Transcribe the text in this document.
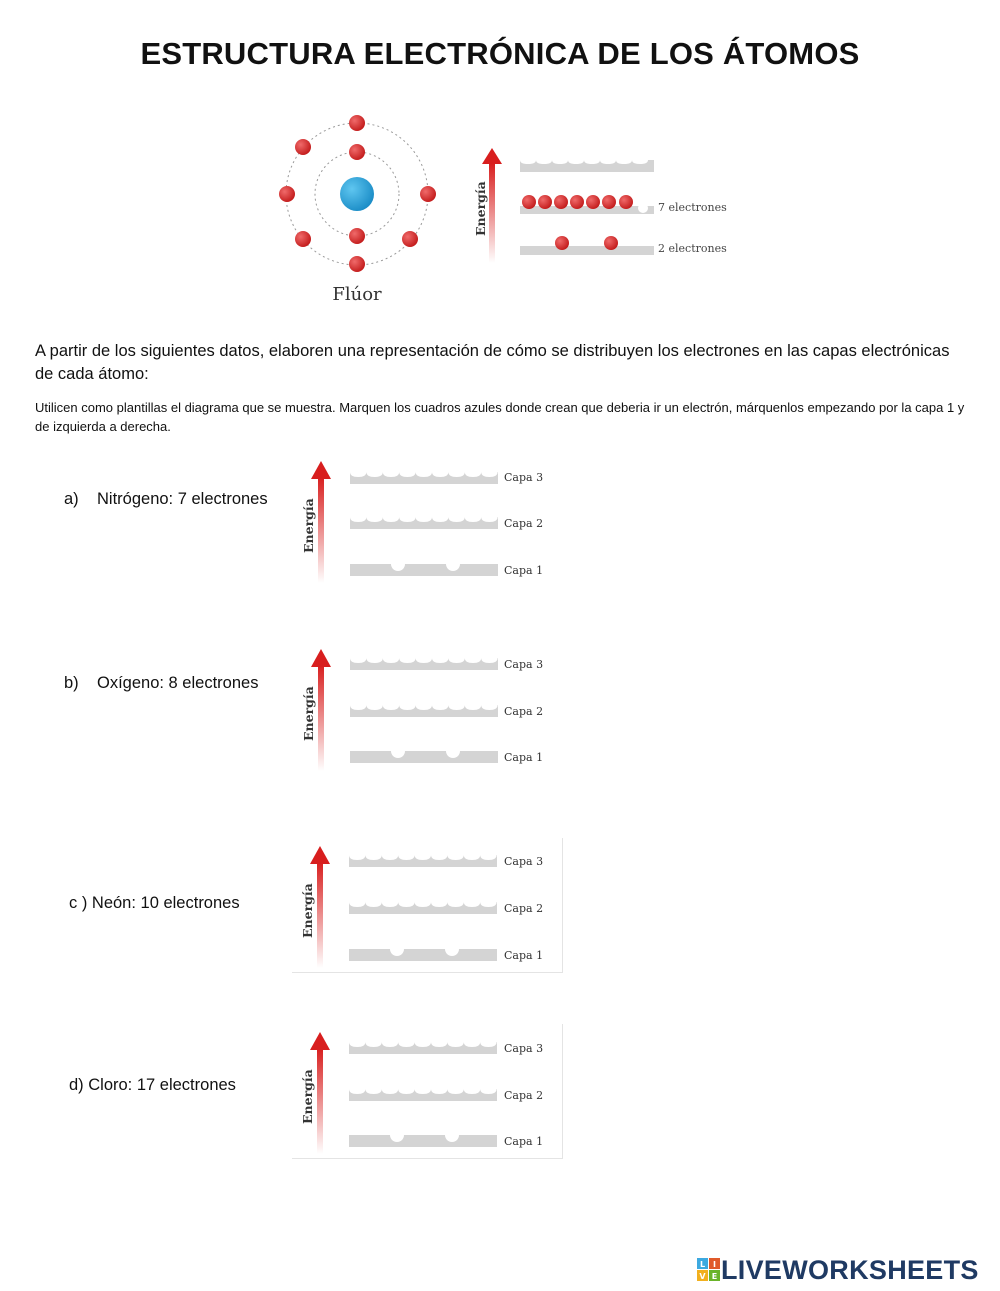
ESTRUCTURA ELECTRÓNICA DE LOS ÁTOMOS
Flúor
Energía	7 electrones
2 electrones
A partir de los siguientes datos, elaboren una representación de cómo se distribuyen los electrones en las capas electrónicas de cada átomo:
Utilicen como plantillas el diagrama que se muestra. Marquen los cuadros azules donde crean que deberia ir un electrón, márquenlos empezando por la capa 1 y de izquierda a derecha.
a)    Nitrógeno: 7 electrones
b)    Oxígeno: 8 electrones
c ) Neón: 10 electrones
d) Cloro: 17 electrones
Energía
Capa 3
Capa 2
Capa 1
Energía
Capa 3
Capa 2
Capa 1
Energía
Capa 3
Capa 2
Capa 1
Energía
Capa 3
Capa 2
Capa 1
L I
V E LIVEWORKSHEETS
